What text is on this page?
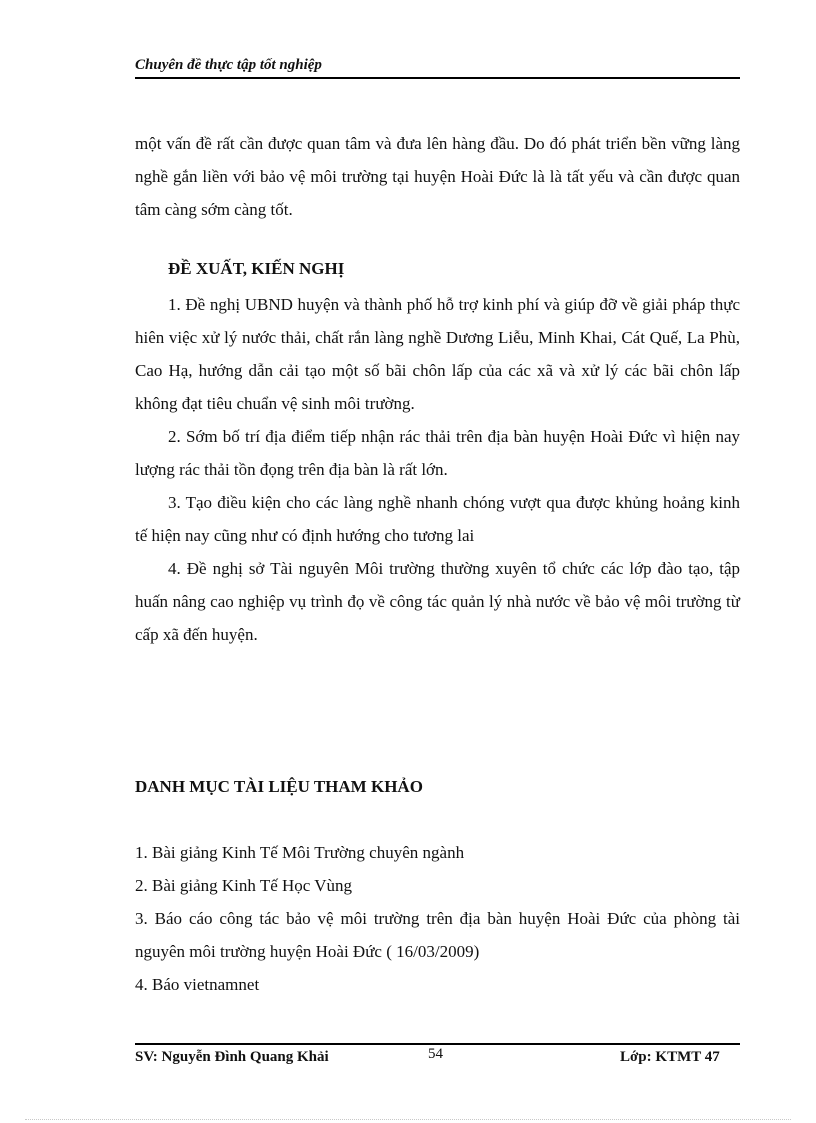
Chuyên đề thực tập tốt nghiệp

một vấn đề rất cần được quan tâm và đưa lên hàng đầu. Do đó phát triển bền vững làng nghề gắn liền với bảo vệ môi trường tại huyện Hoài Đức là là tất yếu và cần được quan tâm càng sớm càng tốt.

ĐỀ XUẤT, KIẾN NGHỊ

1. Đề nghị UBND huyện và thành phố hỗ trợ kinh phí và giúp đỡ về giải pháp thực hiên việc xử lý nước thải, chất rắn làng nghề Dương Liễu, Minh Khai, Cát Quế, La Phù, Cao Hạ, hướng dẫn cải tạo một số bãi chôn lấp của các xã và xử lý các bãi chôn lấp không đạt tiêu chuẩn vệ sinh môi trường.

2. Sớm bố trí địa điểm tiếp nhận rác thải trên địa bàn huyện Hoài Đức vì hiện nay lượng rác thải tồn đọng trên địa bàn là rất lớn.

3. Tạo điều kiện cho các làng nghề nhanh chóng vượt qua được khủng hoảng kinh tế hiện nay cũng như có định hướng cho tương lai

4. Đề nghị sở Tài nguyên Môi trường thường xuyên tổ chức các lớp đào tạo, tập huấn nâng cao nghiệp vụ trình đọ về công tác quản lý nhà nước về bảo vệ môi trường từ cấp xã đến huyện.

DANH MỤC TÀI LIỆU THAM KHẢO

1. Bài giảng Kinh Tế Môi Trường chuyên ngành

2. Bài giảng Kinh Tế Học Vùng

3. Báo cáo công tác bảo vệ môi trường trên địa bàn huyện Hoài Đức của phòng tài nguyên môi trường huyện Hoài Đức ( 16/03/2009)

4. Báo vietnamnet

SV: Nguyễn Đình Quang Khải	54	Lớp: KTMT 47
